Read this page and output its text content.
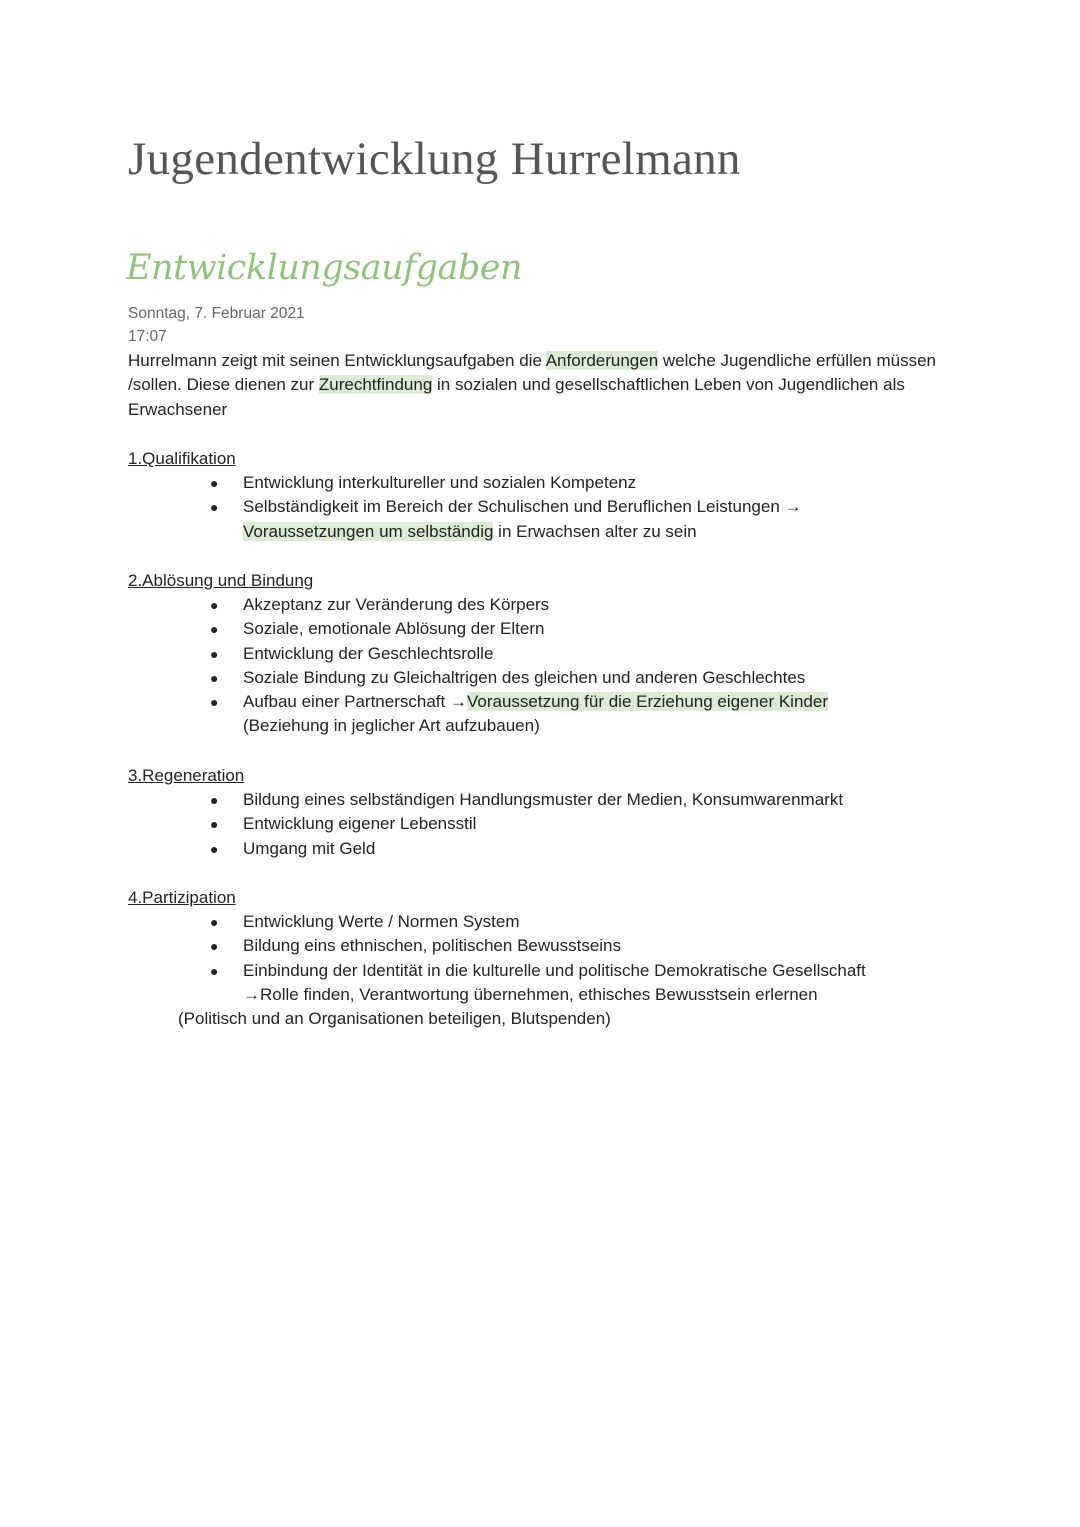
Jugendentwicklung Hurrelmann
Entwicklungsaufgaben
Sonntag, 7. Februar 2021
17:07
Hurrelmann zeigt mit seinen Entwicklungsaufgaben die Anforderungen welche Jugendliche erfüllen müssen /sollen. Diese dienen zur Zurechtfindung in sozialen und gesellschaftlichen Leben von Jugendlichen als Erwachsener
1.Qualifikation
● Entwicklung interkultureller und sozialen Kompetenz
● Selbständigkeit im Bereich der Schulischen und Beruflichen Leistungen →
Voraussetzungen um selbständig in Erwachsen alter zu sein
2.Ablösung und Bindung
● Akzeptanz zur Veränderung des Körpers
● Soziale, emotionale Ablösung der Eltern
● Entwicklung der Geschlechtsrolle
● Soziale Bindung zu Gleichaltrigen des gleichen und anderen Geschlechtes
● Aufbau einer Partnerschaft →Voraussetzung für die Erziehung eigener Kinder
(Beziehung in jeglicher Art aufzubauen)
3.Regeneration
● Bildung eines selbständigen Handlungsmuster der Medien, Konsumwarenmarkt
● Entwicklung eigener Lebensstil
● Umgang mit Geld
4.Partizipation
● Entwicklung Werte / Normen System
● Bildung eins ethnischen, politischen Bewusstseins
● Einbindung der Identität in die kulturelle und politische Demokratische Gesellschaft
→Rolle finden, Verantwortung übernehmen, ethisches Bewusstsein erlernen
(Politisch und an Organisationen beteiligen, Blutspenden)
